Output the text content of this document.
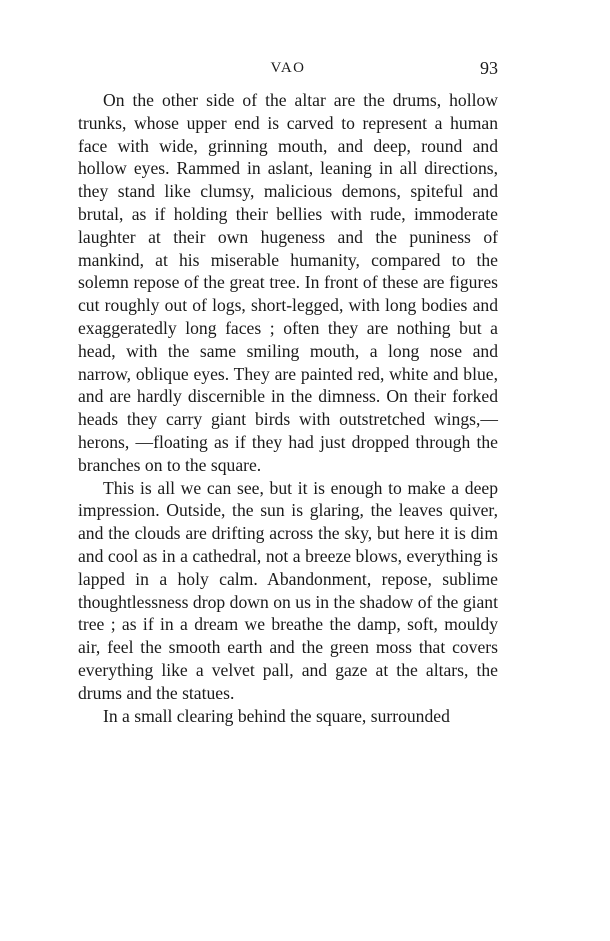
VAO	93

On the other side of the altar are the drums, hollow trunks, whose upper end is carved to represent a human face with wide, grinning mouth, and deep, round and hollow eyes. Rammed in aslant, leaning in all directions, they stand like clumsy, malicious demons, spiteful and brutal, as if holding their bellies with rude, immoderate laughter at their own hugeness and the puniness of mankind, at his miserable humanity, compared to the solemn repose of the great tree. In front of these are figures cut roughly out of logs, short-legged, with long bodies and exaggeratedly long faces ; often they are nothing but a head, with the same smiling mouth, a long nose and narrow, oblique eyes. They are painted red, white and blue, and are hardly discernible in the dimness. On their forked heads they carry giant birds with outstretched wings,—herons, —floating as if they had just dropped through the branches on to the square.

This is all we can see, but it is enough to make a deep impression. Outside, the sun is glaring, the leaves quiver, and the clouds are drifting across the sky, but here it is dim and cool as in a cathedral, not a breeze blows, everything is lapped in a holy calm. Abandonment, repose, sublime thoughtlessness drop down on us in the shadow of the giant tree ; as if in a dream we breathe the damp, soft, mouldy air, feel the smooth earth and the green moss that covers everything like a velvet pall, and gaze at the altars, the drums and the statues.

In a small clearing behind the square, surrounded
